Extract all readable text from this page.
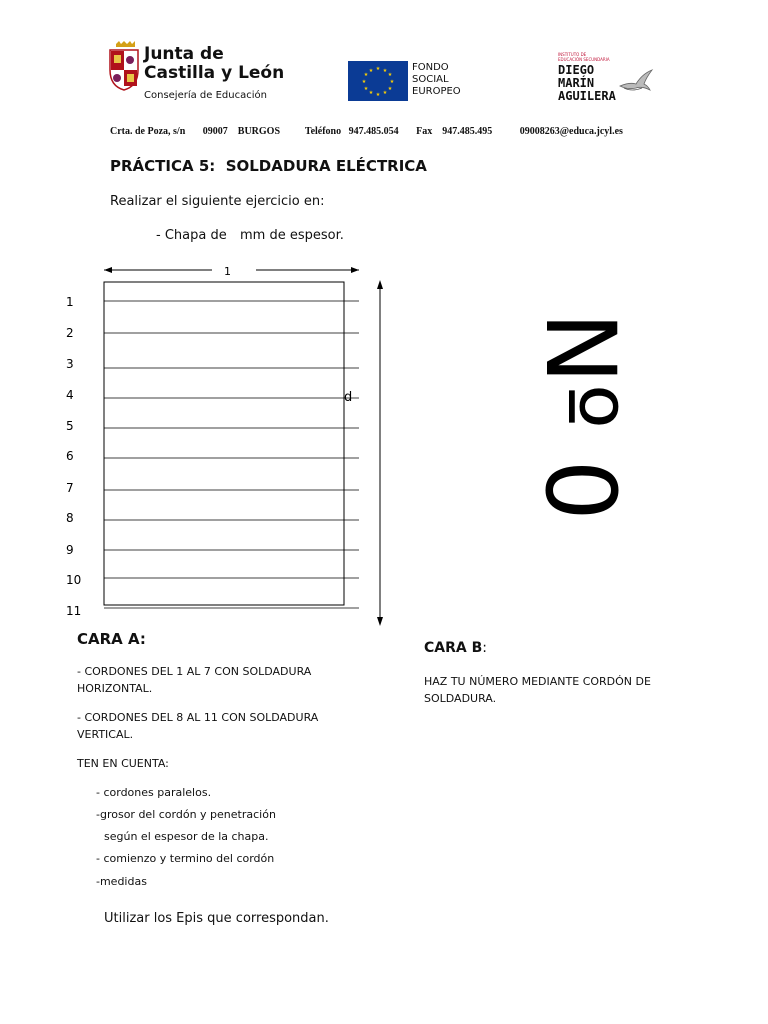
Junta de
Castilla y León
Consejería de Educación
★ ★
★
★
★
★
★
★
★
★
★
★	FONDO
SOCIAL
EUROPEO
INSTITUTO DE
EDUCACIÓN SECUNDARIA
DIEGO
MARÍN
AGUILERA
Crta. de Poza, s/n       09007    BURGOS          Teléfono   947.485.054       Fax    947.485.495           09008263@educa.jcyl.es
PRÁCTICA 5:  SOLDADURA ELÉCTRICA
Realizar el siguiente ejercicio en:
- Chapa de mm de espesor.
1
1
2
3
4
5
6
7
8
9
10
11
d Nº 0
CARA A:
- CORDONES DEL 1 AL 7 CON SOLDADURA HORIZONTAL.
- CORDONES DEL 8 AL 11 CON SOLDADURA VERTICAL.
TEN EN CUENTA:
- cordones paralelos.
-grosor del cordón y penetración
según el espesor de la chapa.
- comienzo y termino del cordón
-medidas
CARA B:
HAZ TU NÚMERO MEDIANTE CORDÓN DE SOLDADURA.
Utilizar los Epis que correspondan.
